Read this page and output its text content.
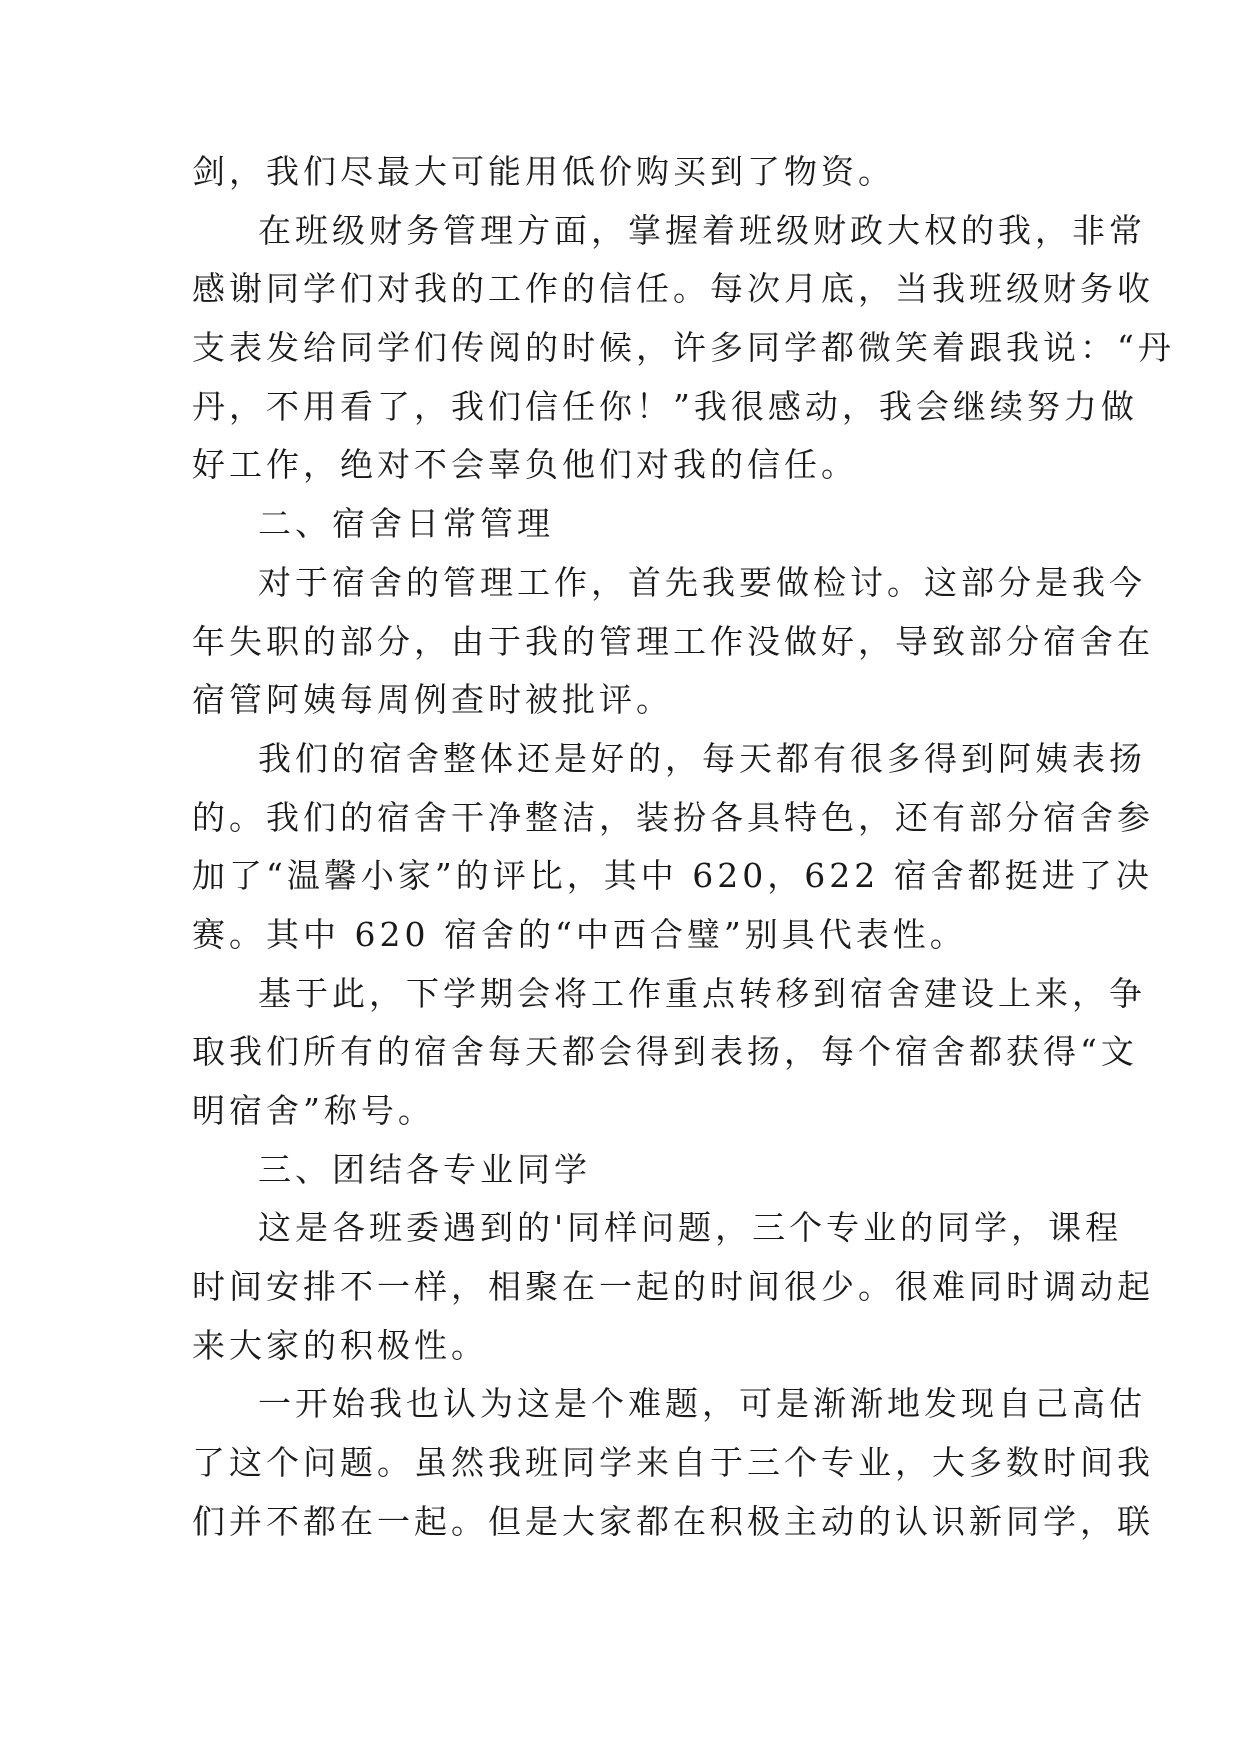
剑，我们尽最大可能用低价购买到了物资。
在班级财务管理方面，掌握着班级财政大权的我，非常
感谢同学们对我的工作的信任。每次月底，当我班级财务收
支表发给同学们传阅的时候，许多同学都微笑着跟我说：“丹
丹，不用看了，我们信任你！”我很感动，我会继续努力做
好工作，绝对不会辜负他们对我的信任。
二、宿舍日常管理
对于宿舍的管理工作，首先我要做检讨。这部分是我今
年失职的部分，由于我的管理工作没做好，导致部分宿舍在
宿管阿姨每周例查时被批评。
我们的宿舍整体还是好的，每天都有很多得到阿姨表扬
的。我们的宿舍干净整洁，装扮各具特色，还有部分宿舍参
加了“温馨小家”的评比，其中 620，622 宿舍都挺进了决
赛。其中 620 宿舍的“中西合璧”别具代表性。
基于此，下学期会将工作重点转移到宿舍建设上来，争
取我们所有的宿舍每天都会得到表扬，每个宿舍都获得“文
明宿舍”称号。
三、团结各专业同学
这是各班委遇到的'同样问题，三个专业的同学，课程
时间安排不一样，相聚在一起的时间很少。很难同时调动起
来大家的积极性。
一开始我也认为这是个难题，可是渐渐地发现自己高估
了这个问题。虽然我班同学来自于三个专业，大多数时间我
们并不都在一起。但是大家都在积极主动的认识新同学，联
